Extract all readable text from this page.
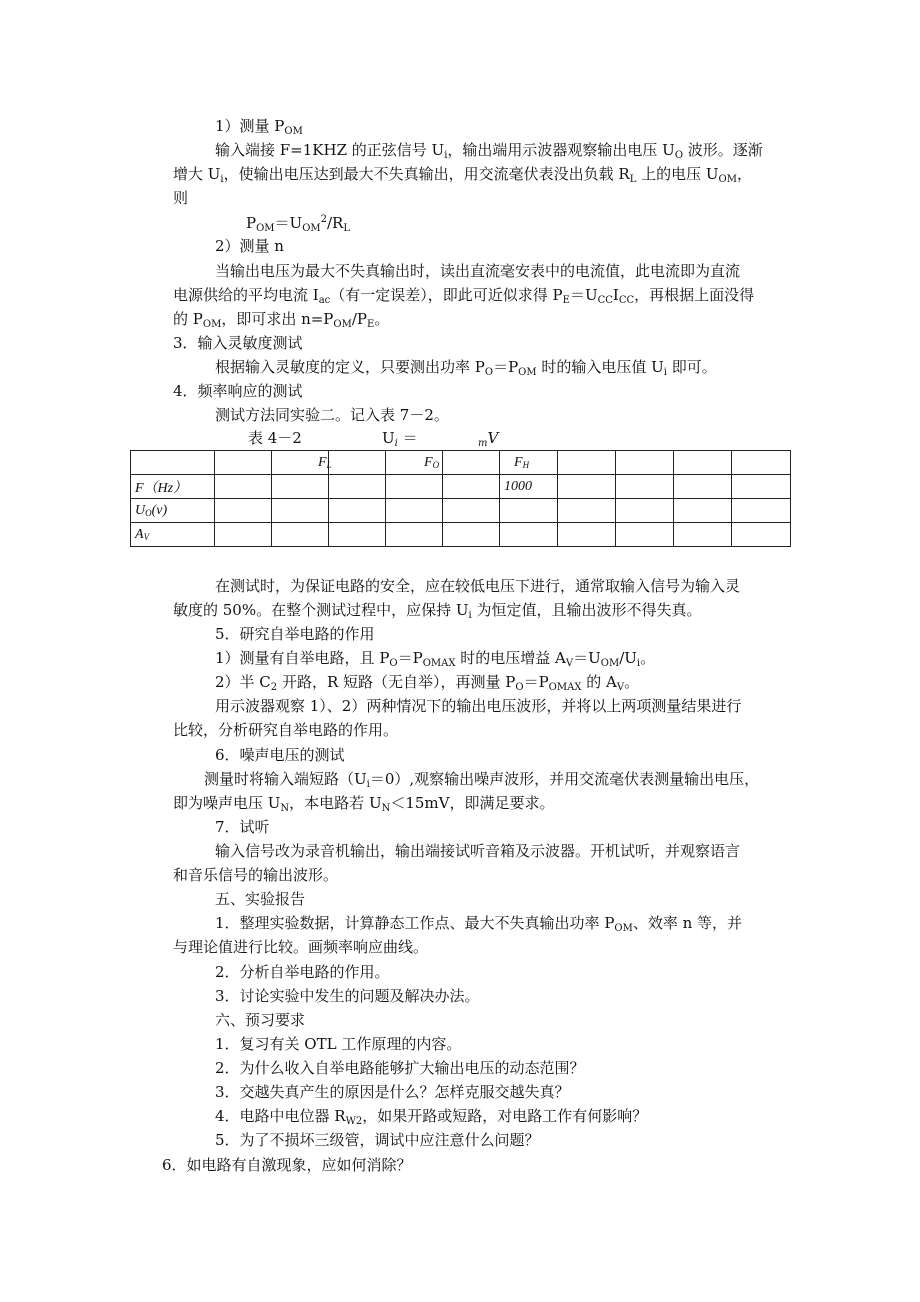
1）测量 $P_{OM}$
输入端接 F=1KHZ 的正弦信号 $U_i$，输出端用示波器观察输出电压 $U_O$ 波形。逐渐
增大 $U_i$，使输出电压达到最大不失真输出，用交流毫伏表没出负载 $R_L$ 上的电压 $U_{OM}$，
则
$P_{OM}=U_{OM}^2/R_L$
2）测量 n
当输出电压为最大不失真输出时，读出直流毫安表中的电流值，此电流即为直流
电源供给的平均电流 $I_{ac}$（有一定误差），即此可近似求得 $P_E=U_{CC}I_{CC}$，再根据上面没得
的 $P_{OM}$，即可求出 $n=P_{OM}/P_E$。
3．输入灵敏度测试
根据输入灵敏度的定义，只要测出功率 $P_O=P_{OM}$ 时的输入电压值 $U_i$ 即可。
4．频率响应的测试
测试方法同实验二。记入表 7－2。
表 4－2	$U_i$ ＝	$_m$V
		$F_L$		$F_O$		$F_H$				
F（Hz）						1000				
$U_O(v)$										
$A_V$										
在测试时，为保证电路的安全，应在较低电压下进行，通常取输入信号为输入灵
敏度的 50%。在整个测试过程中，应保持 $U_i$ 为恒定值，且输出波形不得失真。
5．研究自举电路的作用
1）测量有自举电路，且 $P_O=P_{OMAX}$ 时的电压增益 $A_V=U_{OM}/U_i$。
2）半 $C_2$ 开路，R 短路（无自举），再测量 $P_O=P_{OMAX}$ 的 $A_V$。
用示波器观察 1）、2）两种情况下的输出电压波形，并将以上两项测量结果进行
比较，分析研究自举电路的作用。
6．噪声电压的测试
测量时将输入端短路$(U_i=0)$,观察输出噪声波形，并用交流毫伏表测量输出电压，
即为噪声电压 $U_N$，本电路若 $U_N<15mV$，即满足要求。
7．试听
输入信号改为录音机输出，输出端接试听音箱及示波器。开机试听，并观察语言
和音乐信号的输出波形。
五、实验报告
1．整理实验数据，计算静态工作点、最大不失真输出功率 $P_{OM}$、效率 n 等，并
与理论值进行比较。画频率响应曲线。
2．分析自举电路的作用。
3．讨论实验中发生的问题及解决办法。
六、预习要求
1．复习有关 OTL 工作原理的内容。
2．为什么收入自举电路能够扩大输出电压的动态范围？
3．交越失真产生的原因是什么？怎样克服交越失真？
4．电路中电位器 $R_{W2}$，如果开路或短路，对电路工作有何影响？
5．为了不损坏三级管，调试中应注意什么问题？
6．如电路有自激现象，应如何消除？
